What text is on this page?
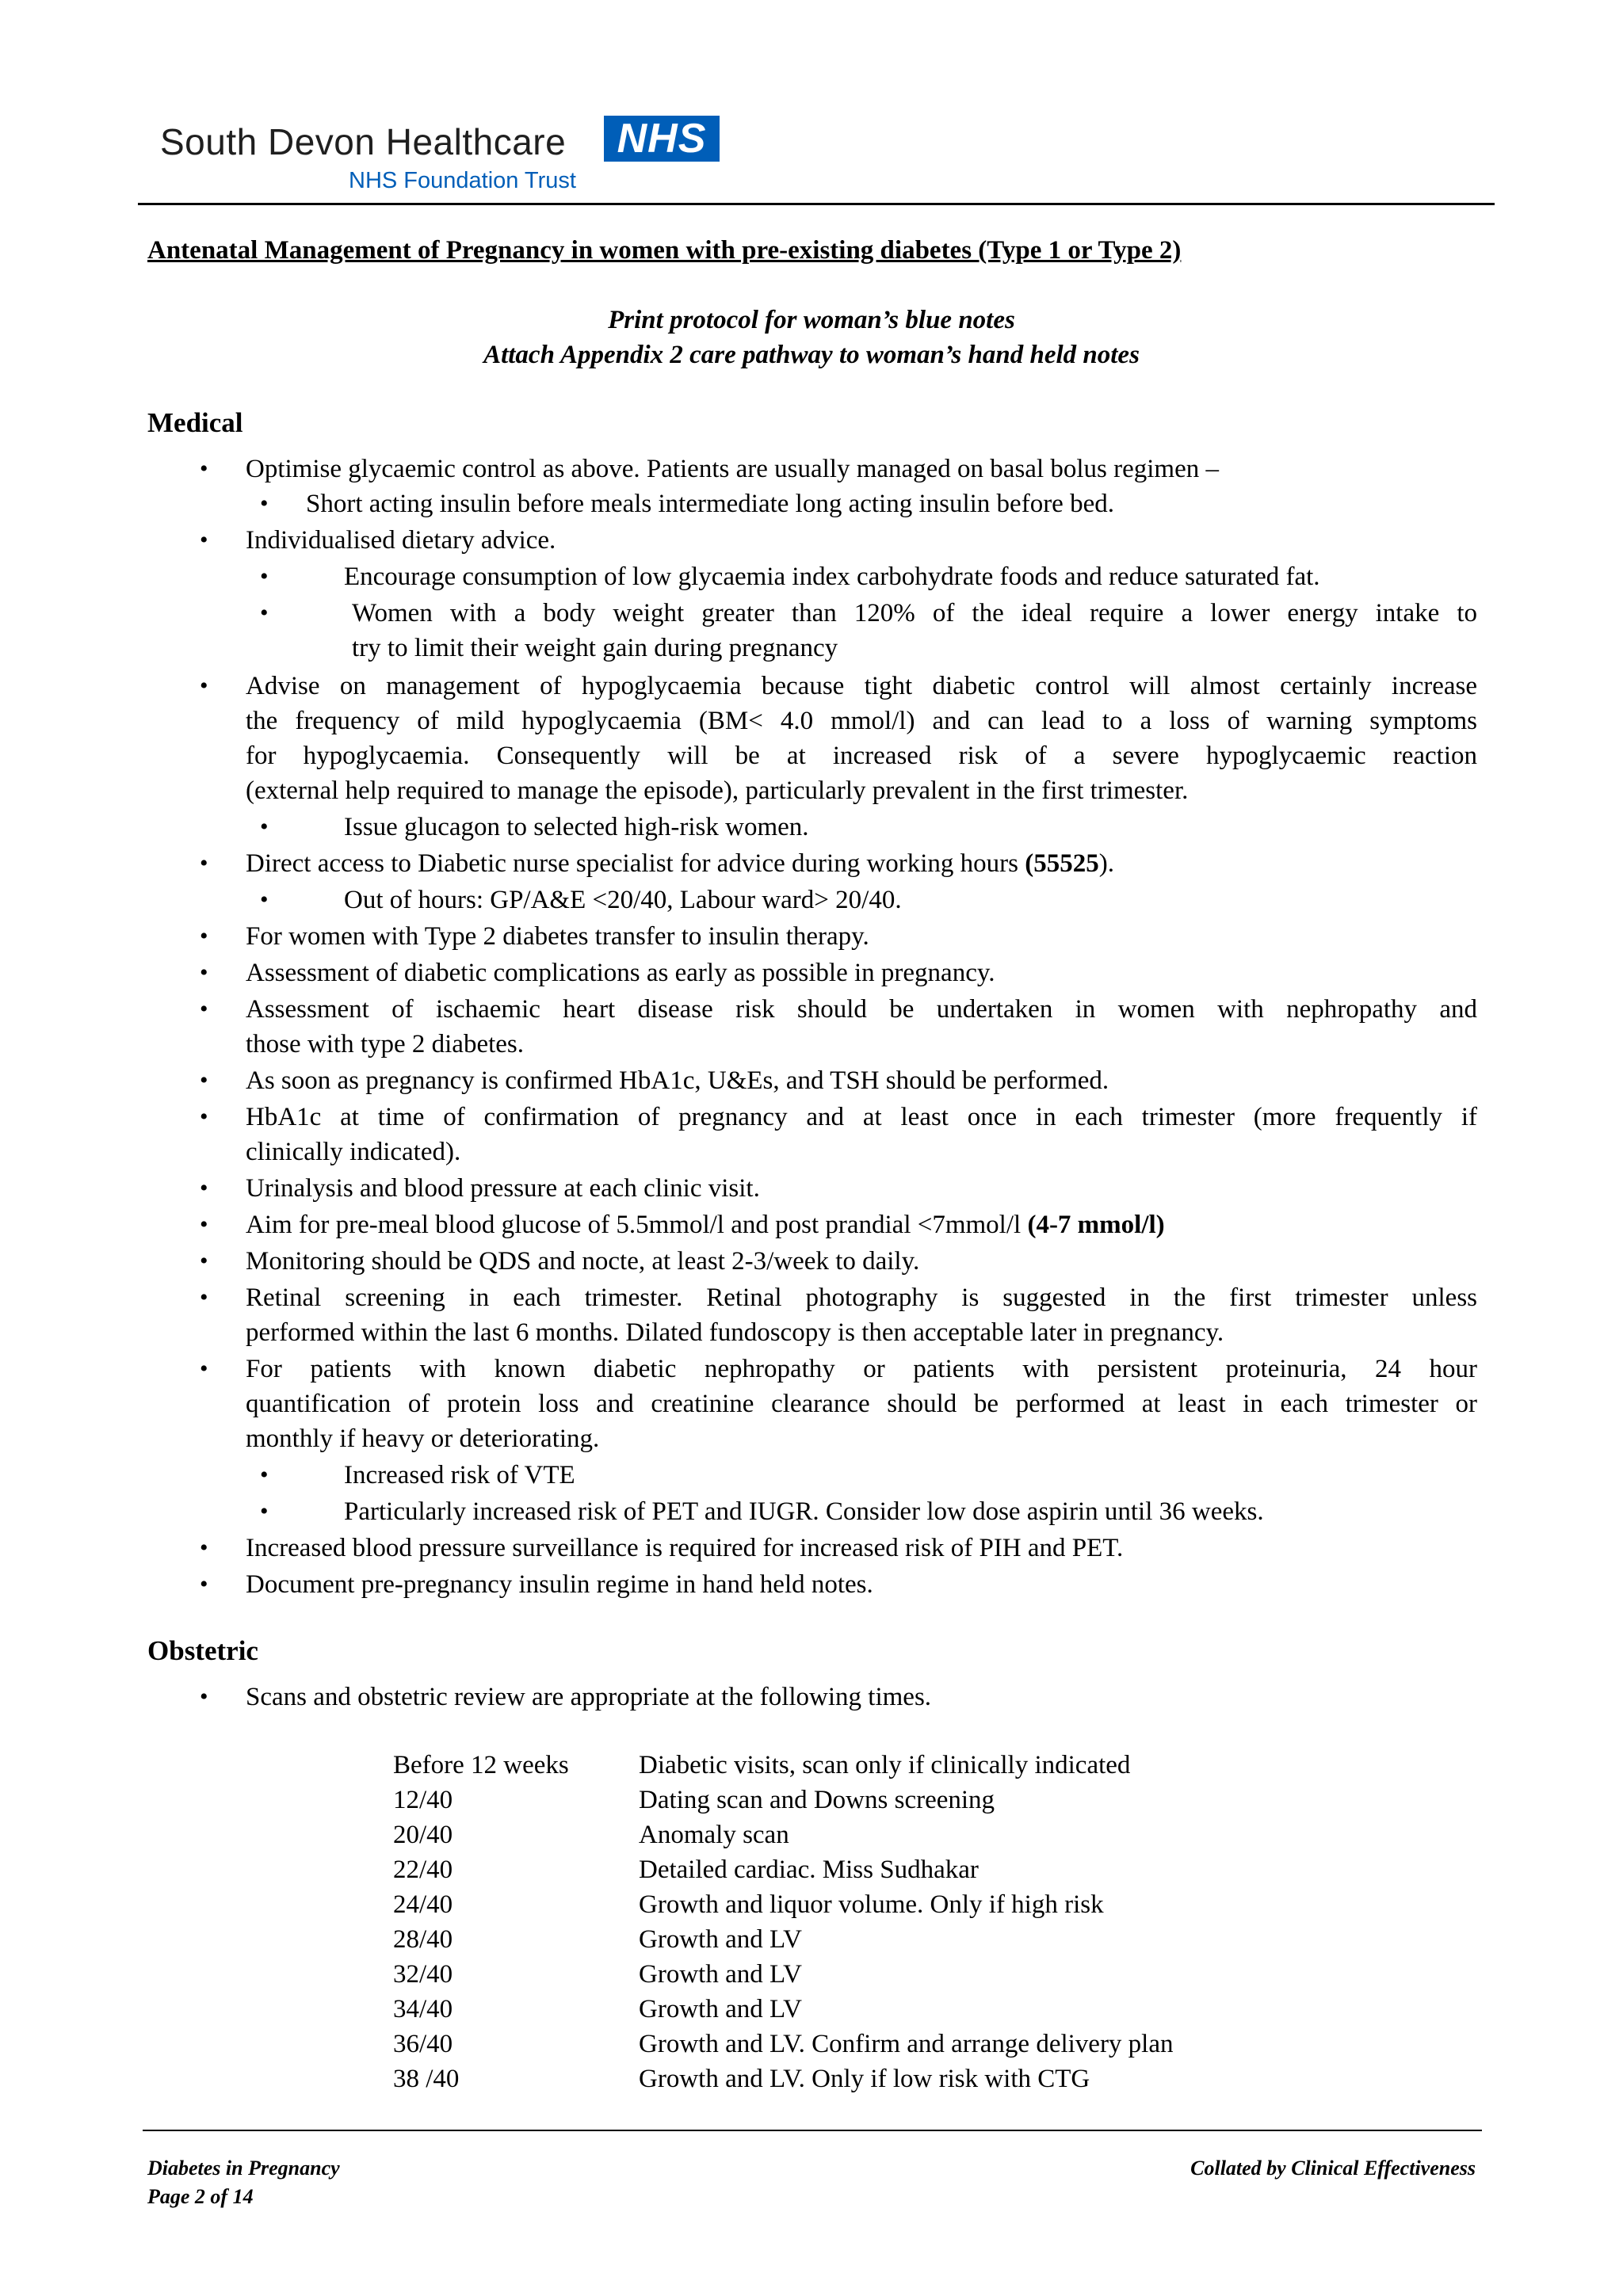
South Devon Healthcare	NHS
NHS Foundation Trust
Antenatal Management of Pregnancy in women with pre-existing diabetes (Type 1 or Type 2)
Print protocol for woman’s blue notes
Attach Appendix 2 care pathway to woman’s hand held notes
Medical
• Optimise glycaemic control as above. Patients are usually managed on basal bolus regimen –
• Short acting insulin before meals intermediate long acting insulin before bed.
• Individualised dietary advice.
•	Encourage consumption of low glycaemia index carbohydrate foods and reduce saturated fat.
•	Women with a body weight greater than 120% of the ideal require a lower energy intake to
try to limit their weight gain during pregnancy
• Advise on management of hypoglycaemia because tight diabetic control will almost certainly increase
the frequency of mild hypoglycaemia (BM< 4.0 mmol/l) and can lead to a loss of warning symptoms
for hypoglycaemia. Consequently will be at increased risk of a severe hypoglycaemic reaction
(external help required to manage the episode), particularly prevalent in the first trimester.
•	Issue glucagon to selected high-risk women.
• Direct access to Diabetic nurse specialist for advice during working hours (55525).
•	Out of hours: GP/A&E <20/40, Labour ward> 20/40.
• For women with Type 2 diabetes transfer to insulin therapy.
• Assessment of diabetic complications as early as possible in pregnancy.
• Assessment of ischaemic heart disease risk should be undertaken in women with nephropathy and
those with type 2 diabetes.
• As soon as pregnancy is confirmed HbA1c, U&Es, and TSH should be performed.
• HbA1c at time of confirmation of pregnancy and at least once in each trimester (more frequently if
clinically indicated).
• Urinalysis and blood pressure at each clinic visit.
• Aim for pre-meal blood glucose of 5.5mmol/l and post prandial <7mmol/l (4-7 mmol/l)
• Monitoring should be QDS and nocte, at least 2-3/week to daily.
• Retinal screening in each trimester. Retinal photography is suggested in the first trimester unless
performed within the last 6 months. Dilated fundoscopy is then acceptable later in pregnancy.
• For patients with known diabetic nephropathy or patients with persistent proteinuria, 24 hour
quantification of protein loss and creatinine clearance should be performed at least in each trimester or
monthly if heavy or deteriorating.
•	Increased risk of VTE
•	Particularly increased risk of PET and IUGR. Consider low dose aspirin until 36 weeks.
• Increased blood pressure surveillance is required for increased risk of PIH and PET.
• Document pre-pregnancy insulin regime in hand held notes.
Obstetric
• Scans and obstetric review are appropriate at the following times.
Before 12 weeks	Diabetic visits, scan only if clinically indicated
12/40	Dating scan and Downs screening
20/40	Anomaly scan
22/40	Detailed cardiac. Miss Sudhakar
24/40	Growth and liquor volume. Only if high risk
28/40	Growth and LV
32/40	Growth and LV
34/40	Growth and LV
36/40	Growth and LV. Confirm and arrange delivery plan
38 /40	Growth and LV. Only if low risk with CTG
Diabetes in Pregnancy
Page 2 of 14
Collated by Clinical Effectiveness
